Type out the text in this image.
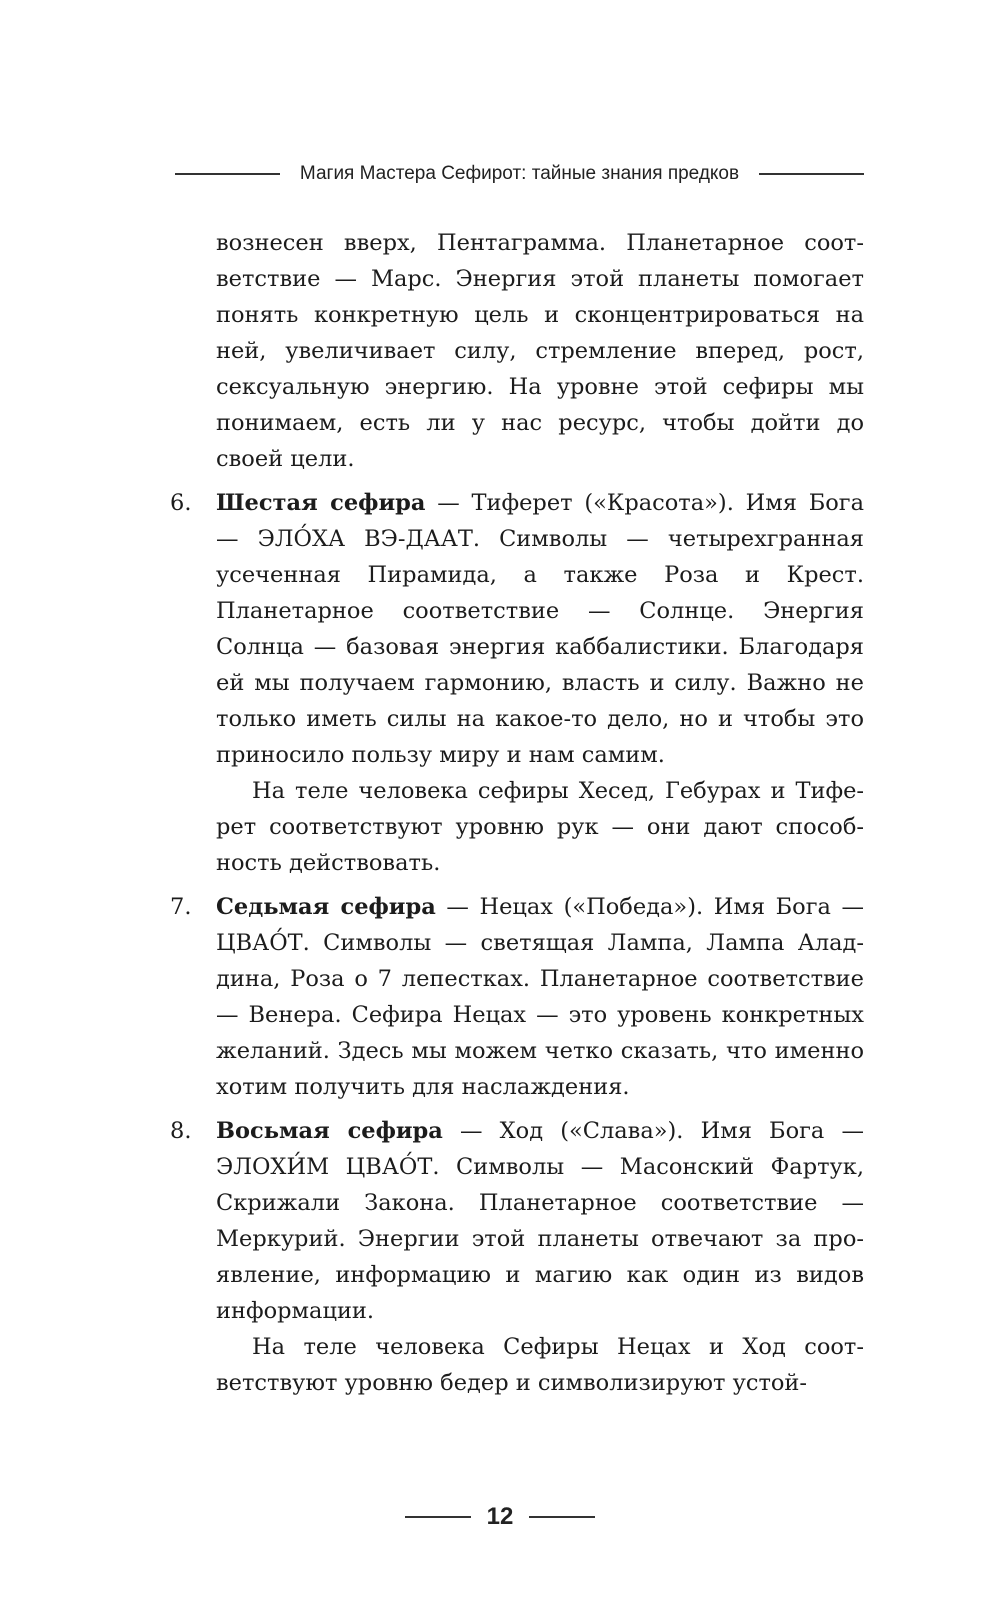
Магия Мастера Сефирот: тайные знания предков

вознесен вверх, Пентаграмма. Планетарное соответствие — Марс. Энергия этой планеты помогает понять конкретную цель и сконцентрироваться на ней, увеличивает силу, стремление вперед, рост, сексуальную энергию. На уровне этой сефиры мы понимаем, есть ли у нас ресурс, чтобы дойти до своей цели.

6. Шестая сефира — Тиферет («Красота»). Имя Бога — ЭЛО́ХА ВЭ-ДААТ. Символы — четырехгранная усеченная Пирамида, а также Роза и Крест. Планетарное соответствие — Солнце. Энергия Солнца — базовая энергия каббалистики. Благодаря ей мы получаем гармонию, власть и силу. Важно не только иметь силы на какое-то дело, но и чтобы это приносило пользу миру и нам самим.

На теле человека сефиры Хесед, Гебурах и Тиферет соответствуют уровню рук — они дают способность действовать.

7. Седьмая сефира — Нецах («Победа»). Имя Бога — ЦВАО́Т. Символы — светящая Лампа, Лампа Аладдина, Роза о 7 лепестках. Планетарное соответствие — Венера. Сефира Нецах — это уровень конкретных желаний. Здесь мы можем четко сказать, что именно хотим получить для наслаждения.

8. Восьмая сефира — Ход («Слава»). Имя Бога — ЭЛОХИ́М ЦВАО́Т. Символы — Масонский Фартук, Скрижали Закона. Планетарное соответствие — Меркурий. Энергии этой планеты отвечают за проявление, информацию и магию как один из видов информации.

На теле человека Сефиры Нецах и Ход соответствуют уровню бедер и символизируют устой-

12
